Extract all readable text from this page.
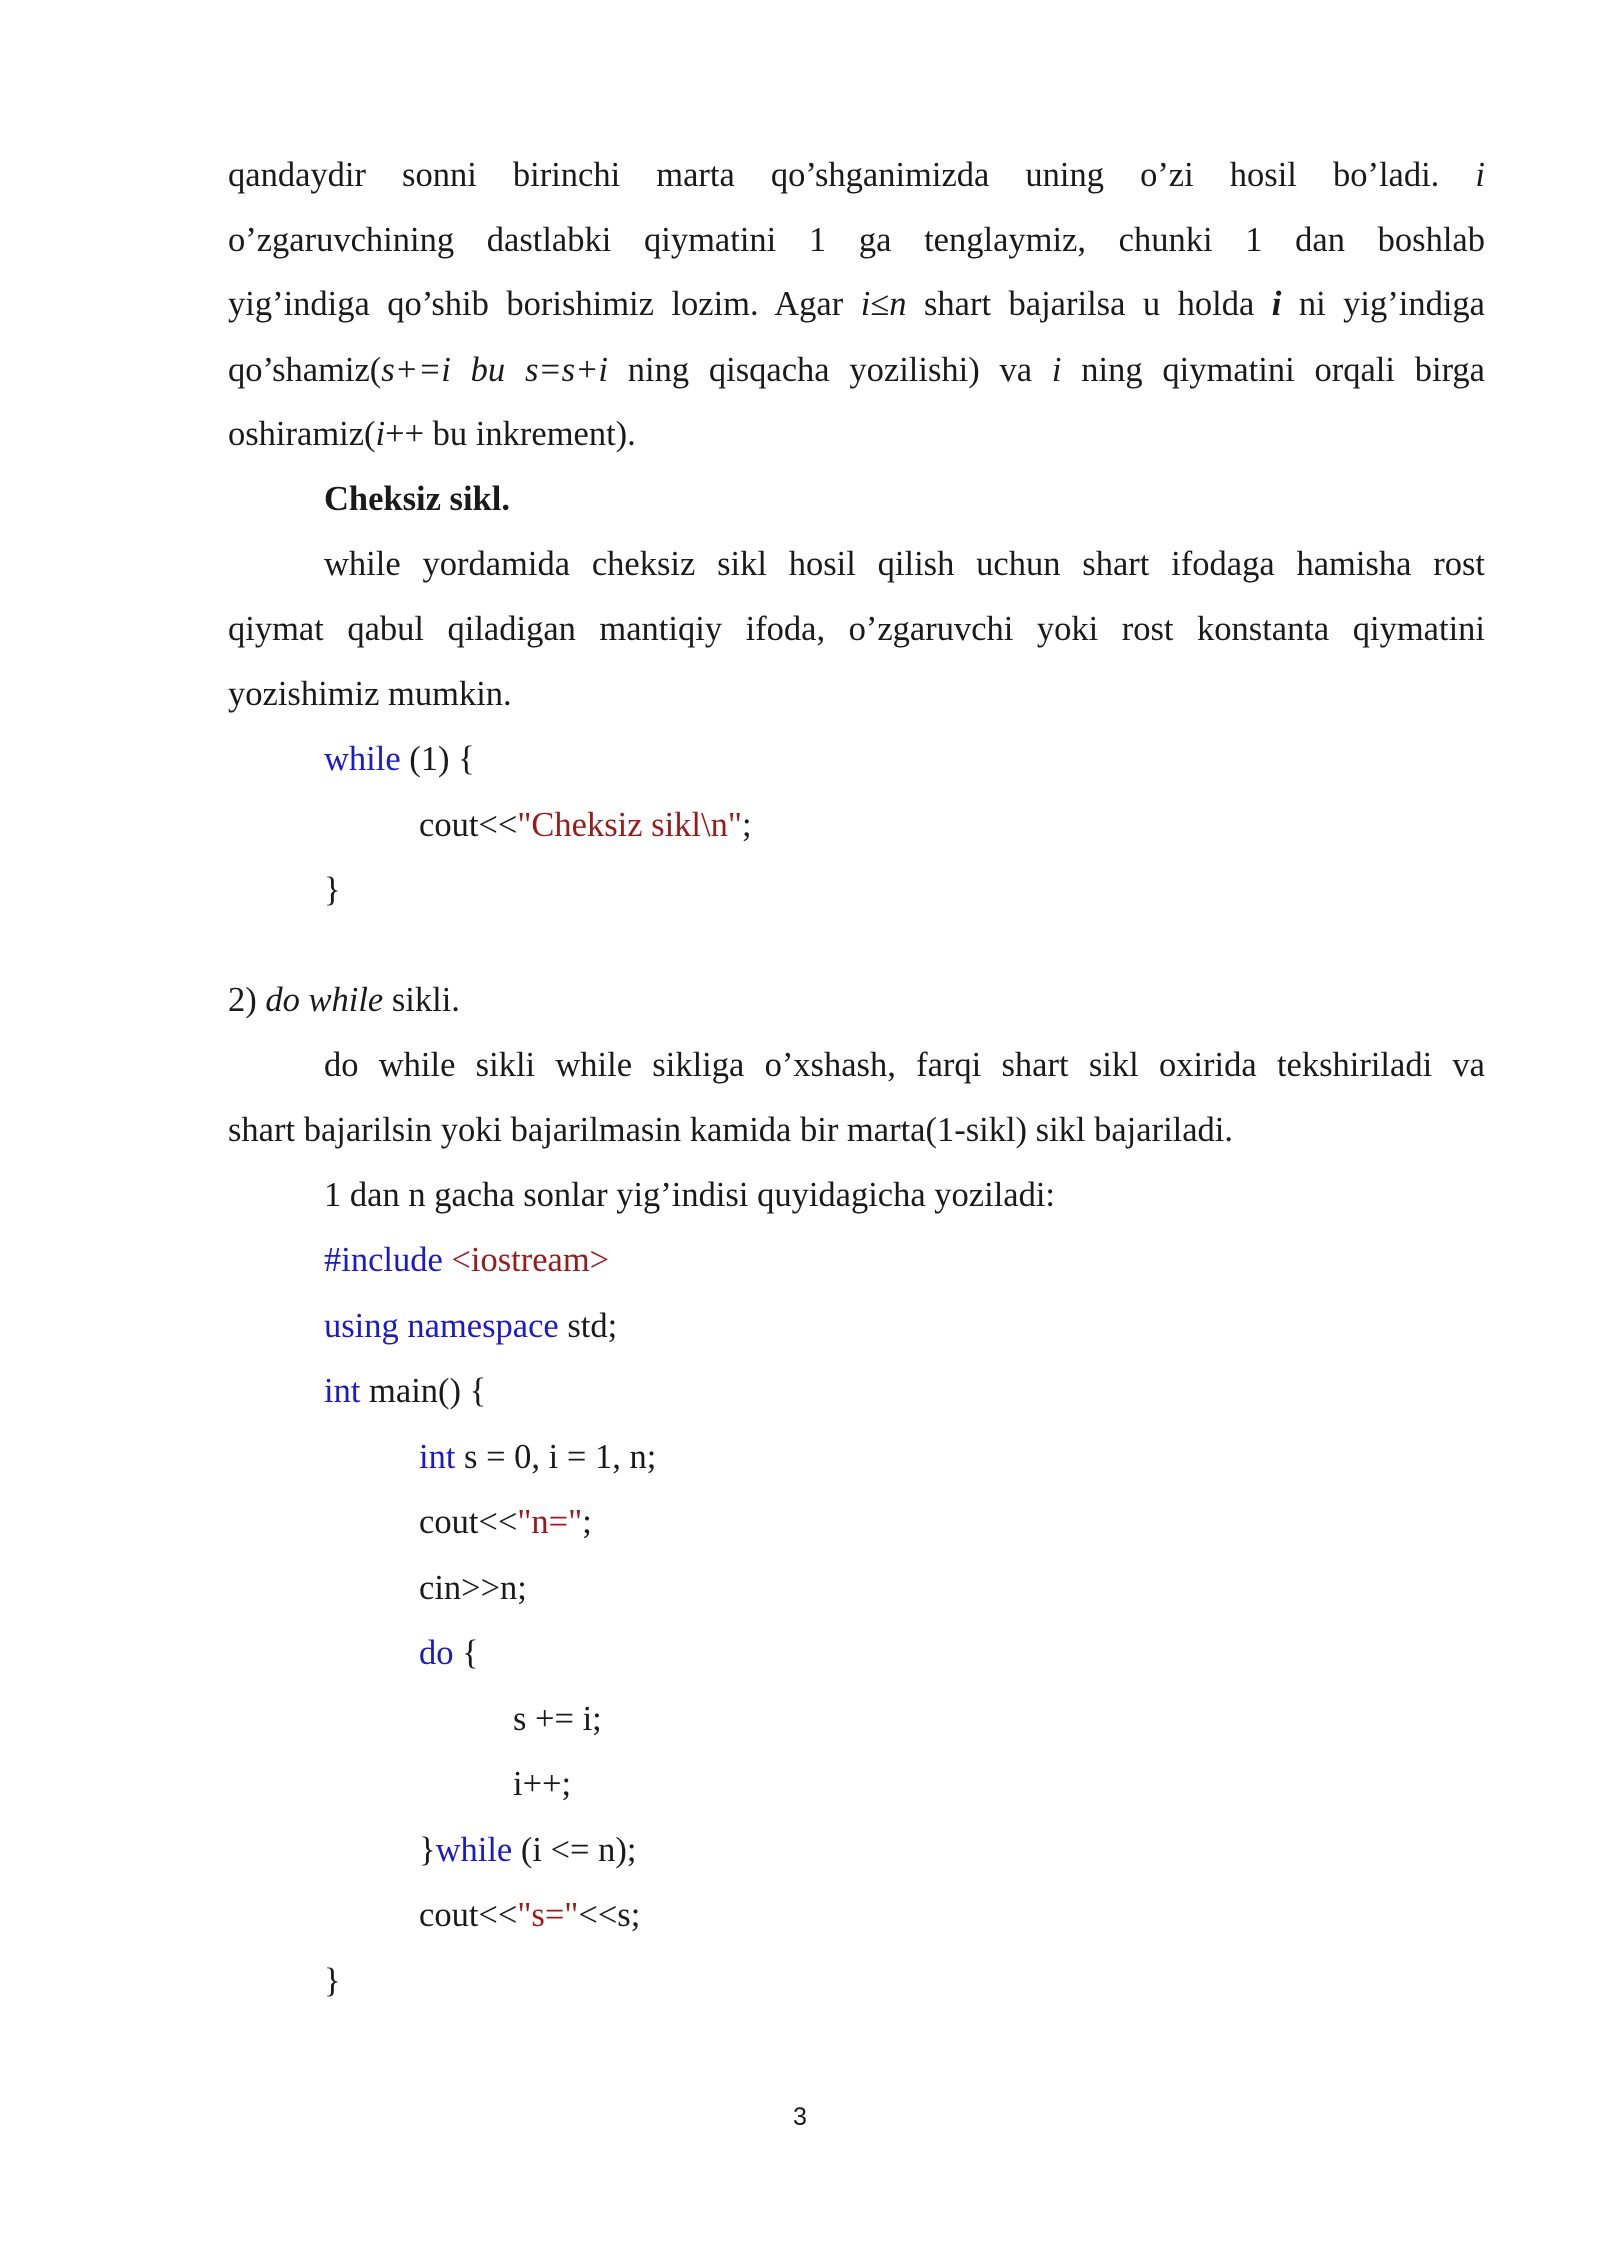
qandaydir sonni birinchi marta qo’shganimizda uning o’zi hosil bo’ladi. i
o’zgaruvchining dastlabki qiymatini 1 ga tenglaymiz, chunki 1 dan boshlab
yig’indiga qo’shib borishimiz lozim. Agar i≤n shart bajarilsa u holda i ni yig’indiga
qo’shamiz(s+=i bu s=s+i ning qisqacha yozilishi) va i ning qiymatini orqali birga
oshiramiz(i++ bu inkrement).
Cheksiz sikl.
while yordamida cheksiz sikl hosil qilish uchun shart ifodaga hamisha rost
qiymat qabul qiladigan mantiqiy ifoda, o’zgaruvchi yoki rost konstanta qiymatini
yozishimiz mumkin.
while (1) {
cout<<"Cheksiz sikl\n";
}
2) do while sikli.
do while sikli while sikliga o’xshash, farqi shart sikl oxirida tekshiriladi va
shart bajarilsin yoki bajarilmasin kamida bir marta(1-sikl) sikl bajariladi.
1 dan n gacha sonlar yig’indisi quyidagicha yoziladi:
#include <iostream>
using namespace std;
int main() {
int s = 0, i = 1, n;
cout<<"n=";
cin>>n;
do {
s += i;
i++;
}while (i <= n);
cout<<"s="<<s;
}
3
